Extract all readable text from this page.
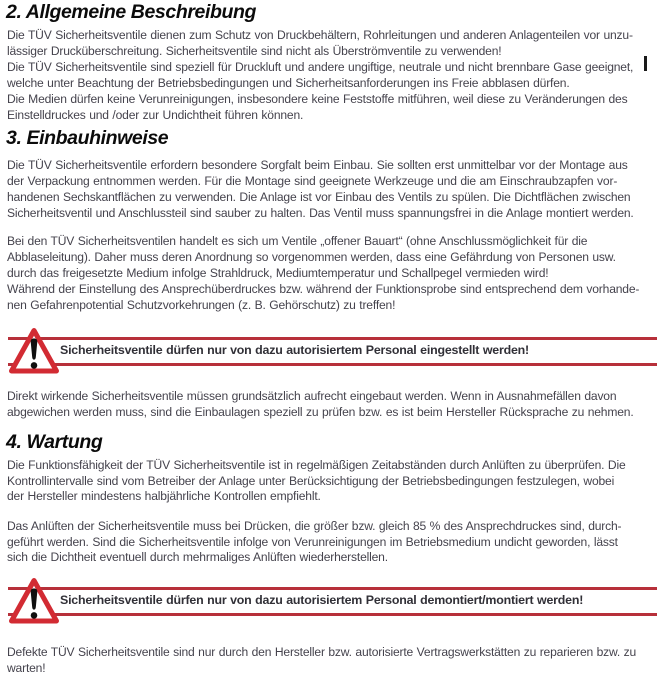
2. Allgemeine Beschreibung
Die TÜV Sicherheitsventile dienen zum Schutz von Druckbehältern, Rohrleitungen und anderen Anlagenteilen vor unzu-
lässiger Drucküberschreitung. Sicherheitsventile sind nicht als Überströmventile zu verwenden!
Die TÜV Sicherheitsventile sind speziell für Druckluft und andere ungiftige, neutrale und nicht brennbare Gase geeignet,
welche unter Beachtung der Betriebsbedingungen und Sicherheitsanforderungen ins Freie abblasen dürfen.
Die Medien dürfen keine Verunreinigungen, insbesondere keine Feststoffe mitführen, weil diese zu Veränderungen des
Einstelldruckes und /oder zur Undichtheit führen können.
3. Einbauhinweise
Die TÜV Sicherheitsventile erfordern besondere Sorgfalt beim Einbau. Sie sollten erst unmittelbar vor der Montage aus
der Verpackung entnommen werden. Für die Montage sind geeignete Werkzeuge und die am Einschraubzapfen vor-
handenen Sechskantflächen zu verwenden. Die Anlage ist vor Einbau des Ventils zu spülen. Die Dichtflächen zwischen
Sicherheitsventil und Anschlussteil sind sauber zu halten. Das Ventil muss spannungsfrei in die Anlage montiert werden.
Bei den TÜV Sicherheitsventilen handelt es sich um Ventile „offener Bauart“ (ohne Anschlussmöglichkeit für die
Abblaseleitung). Daher muss deren Anordnung so vorgenommen werden, dass eine Gefährdung von Personen usw.
durch das freigesetzte Medium infolge Strahldruck, Mediumtemperatur und Schallpegel vermieden wird!
Während der Einstellung des Ansprechüberdruckes bzw. während der Funktionsprobe sind entsprechend dem vorhande-
nen Gefahrenpotential Schutzvorkehrungen (z. B. Gehörschutz) zu treffen!
Sicherheitsventile dürfen nur von dazu autorisiertem Personal eingestellt werden!
Direkt wirkende Sicherheitsventile müssen grundsätzlich aufrecht eingebaut werden. Wenn in Ausnahmefällen davon
abgewichen werden muss, sind die Einbaulagen speziell zu prüfen bzw. es ist beim Hersteller Rücksprache zu nehmen.
4. Wartung
Die Funktionsfähigkeit der TÜV Sicherheitsventile ist in regelmäßigen Zeitabständen durch Anlüften zu überprüfen. Die
Kontrollintervalle sind vom Betreiber der Anlage unter Berücksichtigung der Betriebsbedingungen festzulegen, wobei
der Hersteller mindestens halbjährliche Kontrollen empfiehlt.
Das Anlüften der Sicherheitsventile muss bei Drücken, die größer bzw. gleich 85 % des Ansprechdruckes sind, durch-
geführt werden. Sind die Sicherheitsventile infolge von Verunreinigungen im Betriebsmedium undicht geworden, lässt
sich die Dichtheit eventuell durch mehrmaliges Anlüften wiederherstellen.
Sicherheitsventile dürfen nur von dazu autorisiertem Personal demontiert/montiert werden!
Defekte TÜV Sicherheitsventile sind nur durch den Hersteller bzw. autorisierte Vertragswerkstätten zu reparieren bzw. zu
warten!
